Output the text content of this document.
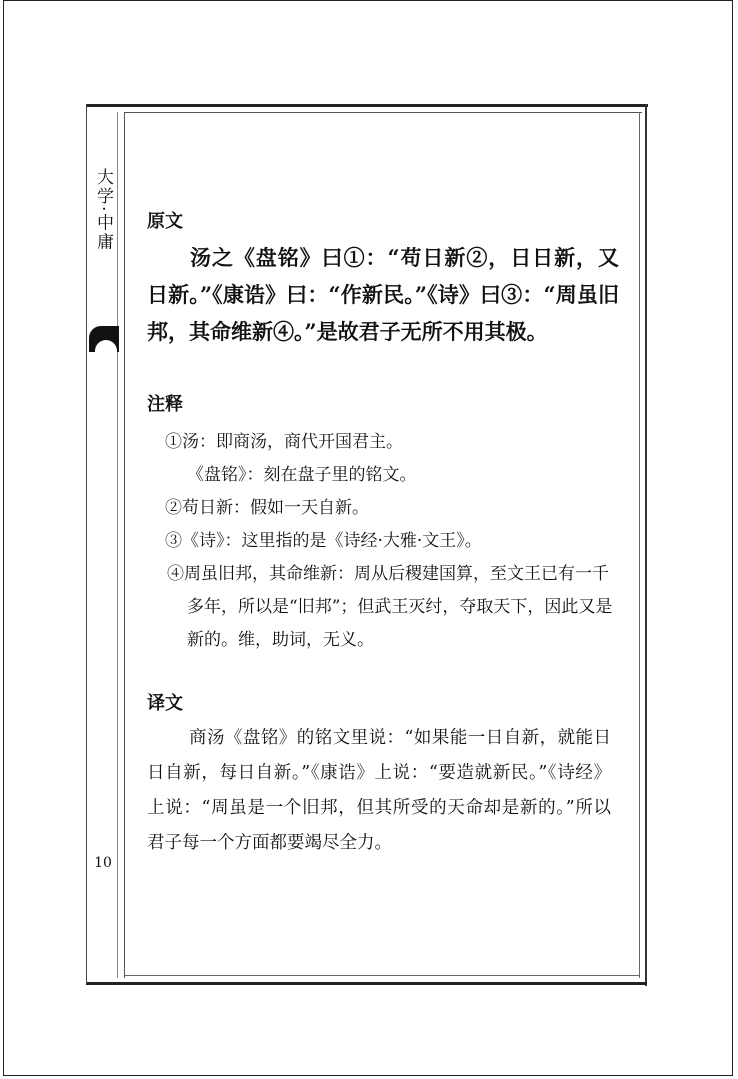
大学·中庸
10
原文

汤之《盘铭》曰①：“苟日新②，日日新，又日新。”《康诰》曰：“作新民。”《诗》曰③：“周虽旧邦，其命维新④。”是故君子无所不用其极。

注释

①汤：即商汤，商代开国君主。

《盘铭》：刻在盘子里的铭文。

②苟日新：假如一天自新。

③《诗》：这里指的是《诗经·大雅·文王》。

④周虽旧邦，其命维新：周从后稷建国算，至文王已有一千多年，所以是“旧邦”；但武王灭纣，夺取天下，因此又是新的。维，助词，无义。

译文

商汤《盘铭》的铭文里说：“如果能一日自新，就能日日自新，每日自新。”《康诰》上说：“要造就新民。”《诗经》上说：“周虽是一个旧邦，但其所受的天命却是新的。”所以君子每一个方面都要竭尽全力。
